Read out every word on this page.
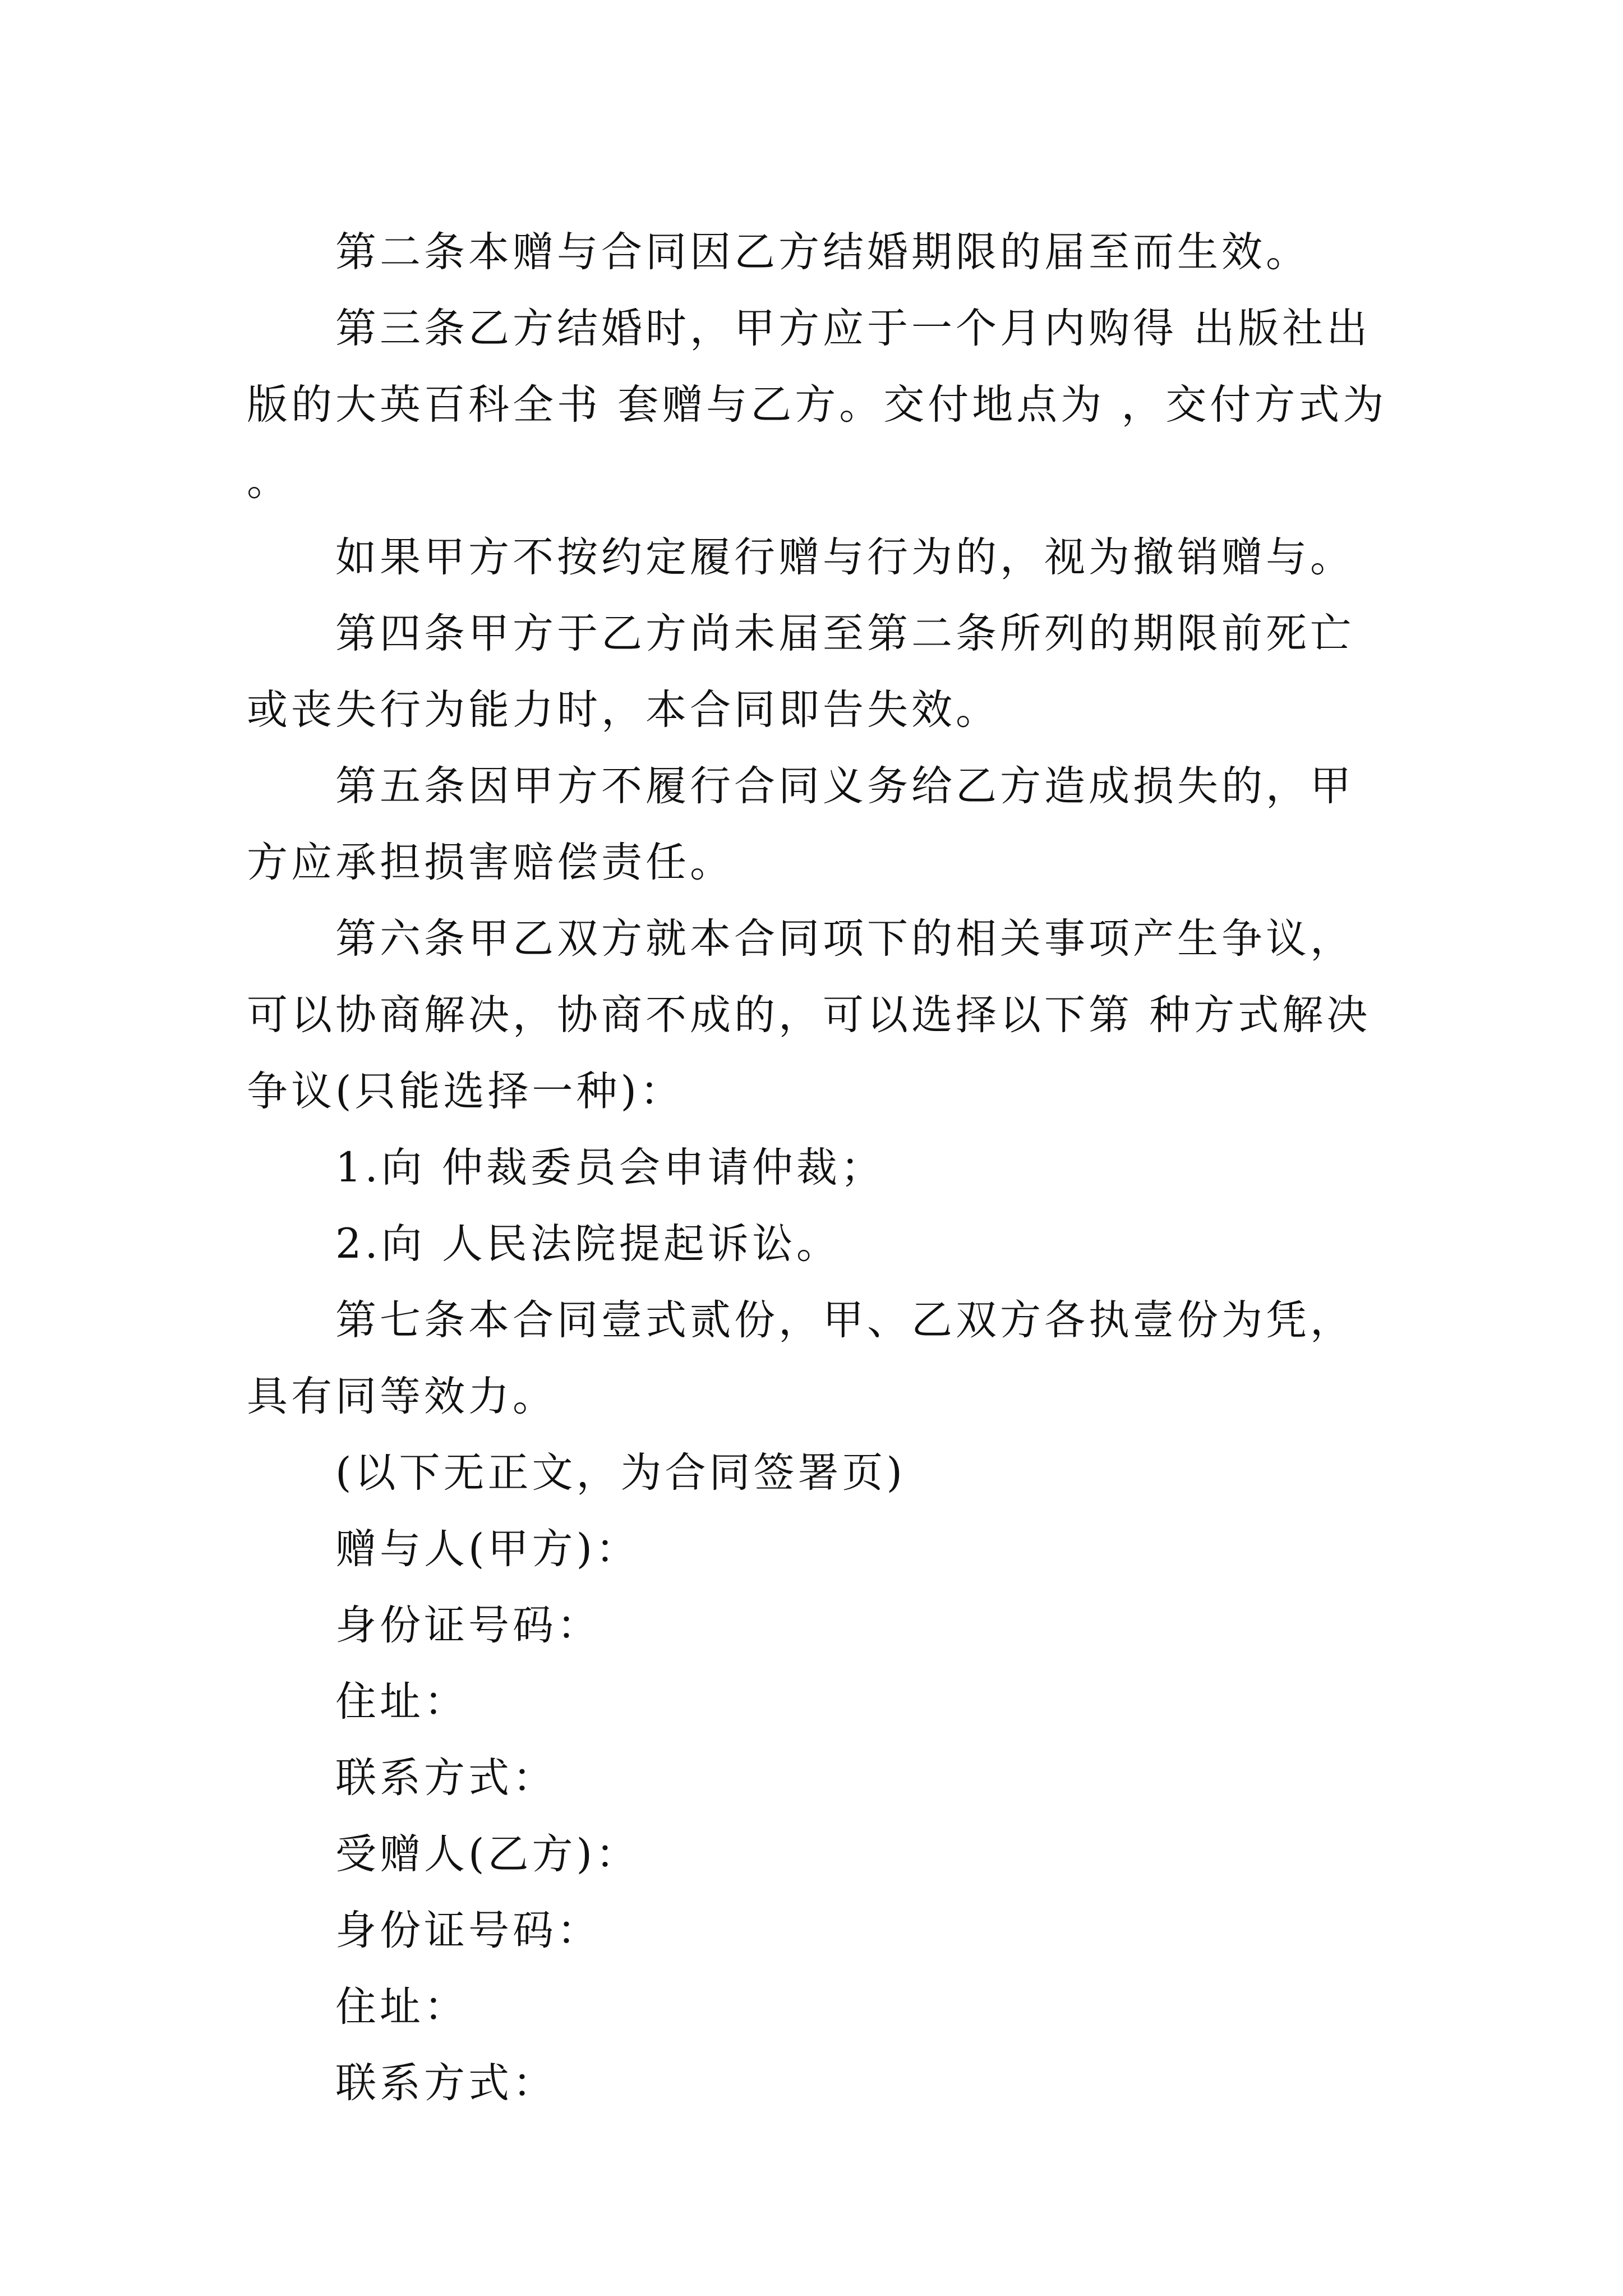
第二条本赠与合同因乙方结婚期限的届至而生效。

第三条乙方结婚时，甲方应于一个月内购得 出版社出版的大英百科全书 套赠与乙方。交付地点为 ，交付方式为 。

如果甲方不按约定履行赠与行为的，视为撤销赠与。

第四条甲方于乙方尚未届至第二条所列的期限前死亡或丧失行为能力时，本合同即告失效。

第五条因甲方不履行合同义务给乙方造成损失的，甲方应承担损害赔偿责任。

第六条甲乙双方就本合同项下的相关事项产生争议，可以协商解决，协商不成的，可以选择以下第 种方式解决争议(只能选择一种)：

1.向 仲裁委员会申请仲裁；

2.向 人民法院提起诉讼。

第七条本合同壹式贰份，甲、乙双方各执壹份为凭，具有同等效力。

(以下无正文，为合同签署页)

赠与人(甲方)：

身份证号码：

住址：

联系方式：

受赠人(乙方)：

身份证号码：

住址：

联系方式：
